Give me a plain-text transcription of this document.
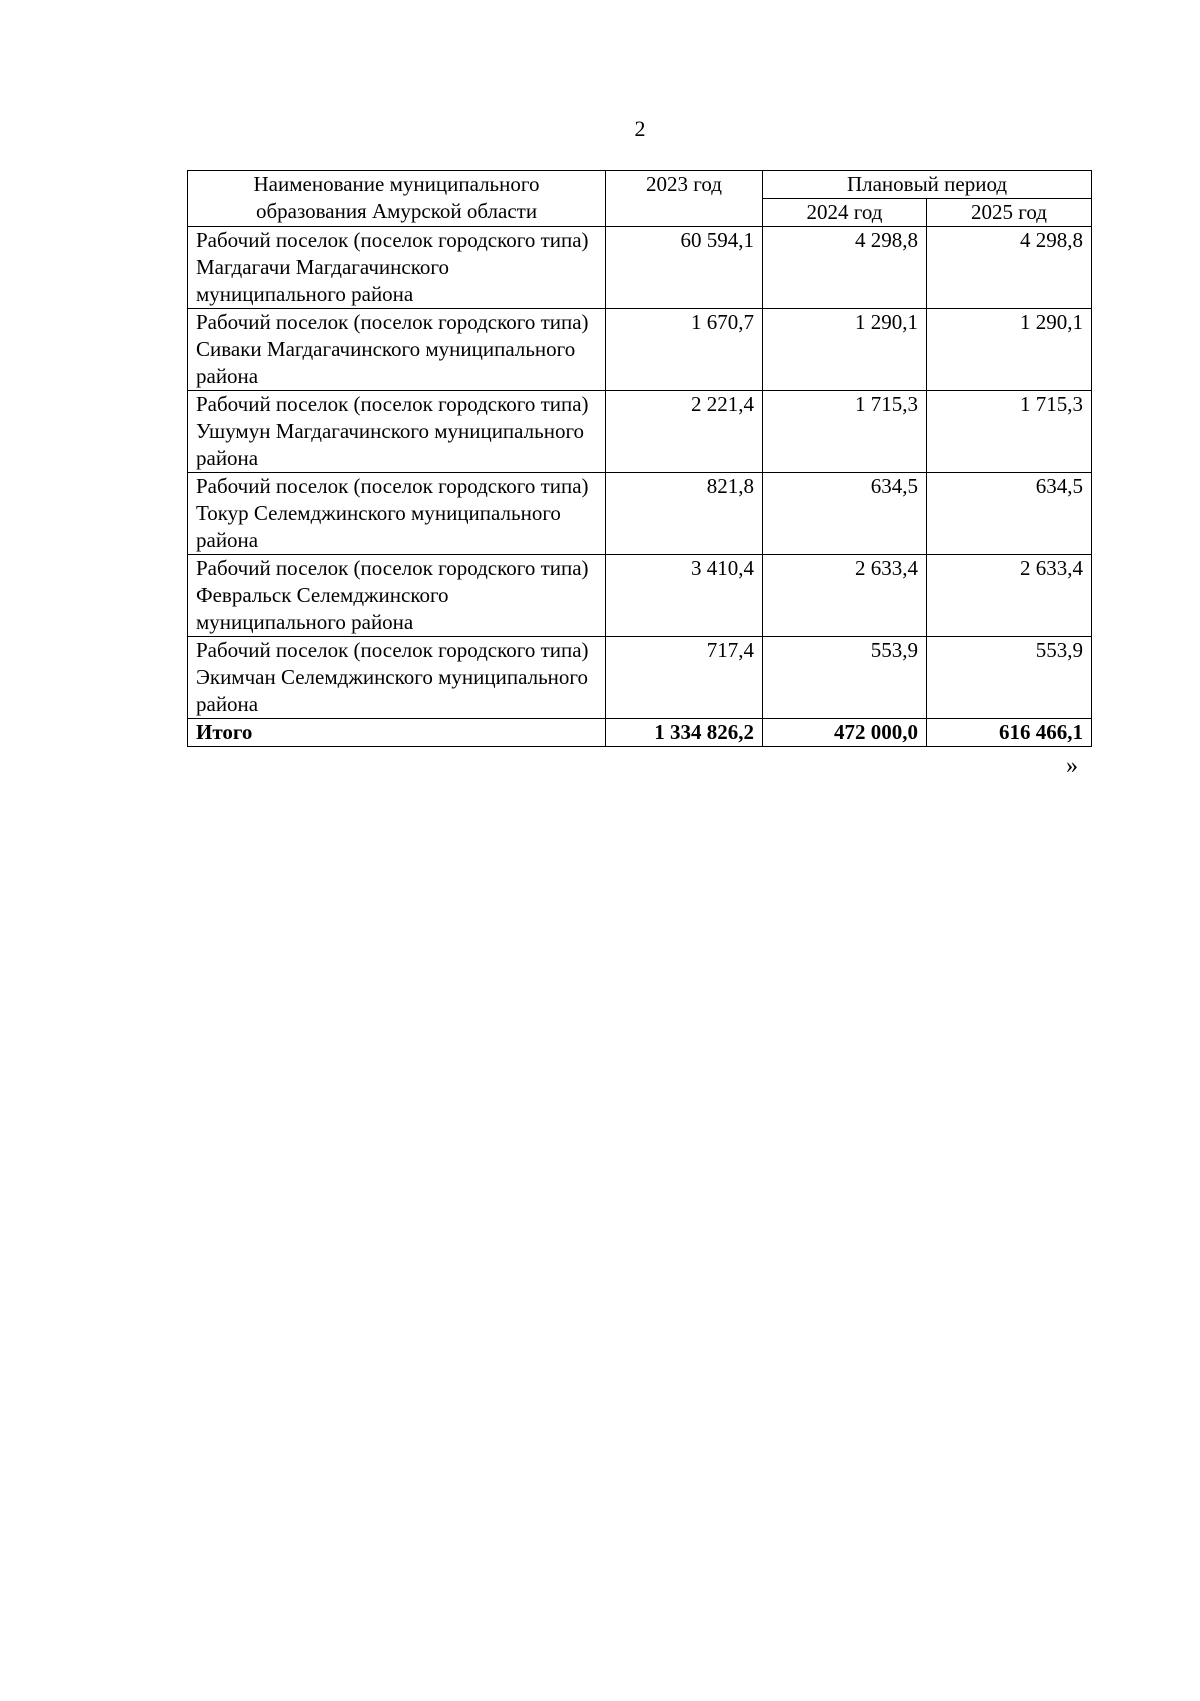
2
Наименование муниципального образования Амурской области	2023 год	Плановый период	
		2024 год	2025 год
Рабочий поселок (поселок городского типа) Магдагачи Магдагачинского муниципального района	60 594,1	4 298,8	4 298,8
Рабочий поселок (поселок городского типа) Сиваки Магдагачинского муниципального района	1 670,7	1 290,1	1 290,1
Рабочий поселок (поселок городского типа) Ушумун Магдагачинского муниципального района	2 221,4	1 715,3	1 715,3
Рабочий поселок (поселок городского типа) Токур Селемджинского муниципального района	821,8	634,5	634,5
Рабочий поселок (поселок городского типа) Февральск Селемджинского муниципального района	3 410,4	2 633,4	2 633,4
Рабочий поселок (поселок городского типа) Экимчан Селемджинского муниципального района	717,4	553,9	553,9
Итого	1 334 826,2	472 000,0	616 466,1
»
